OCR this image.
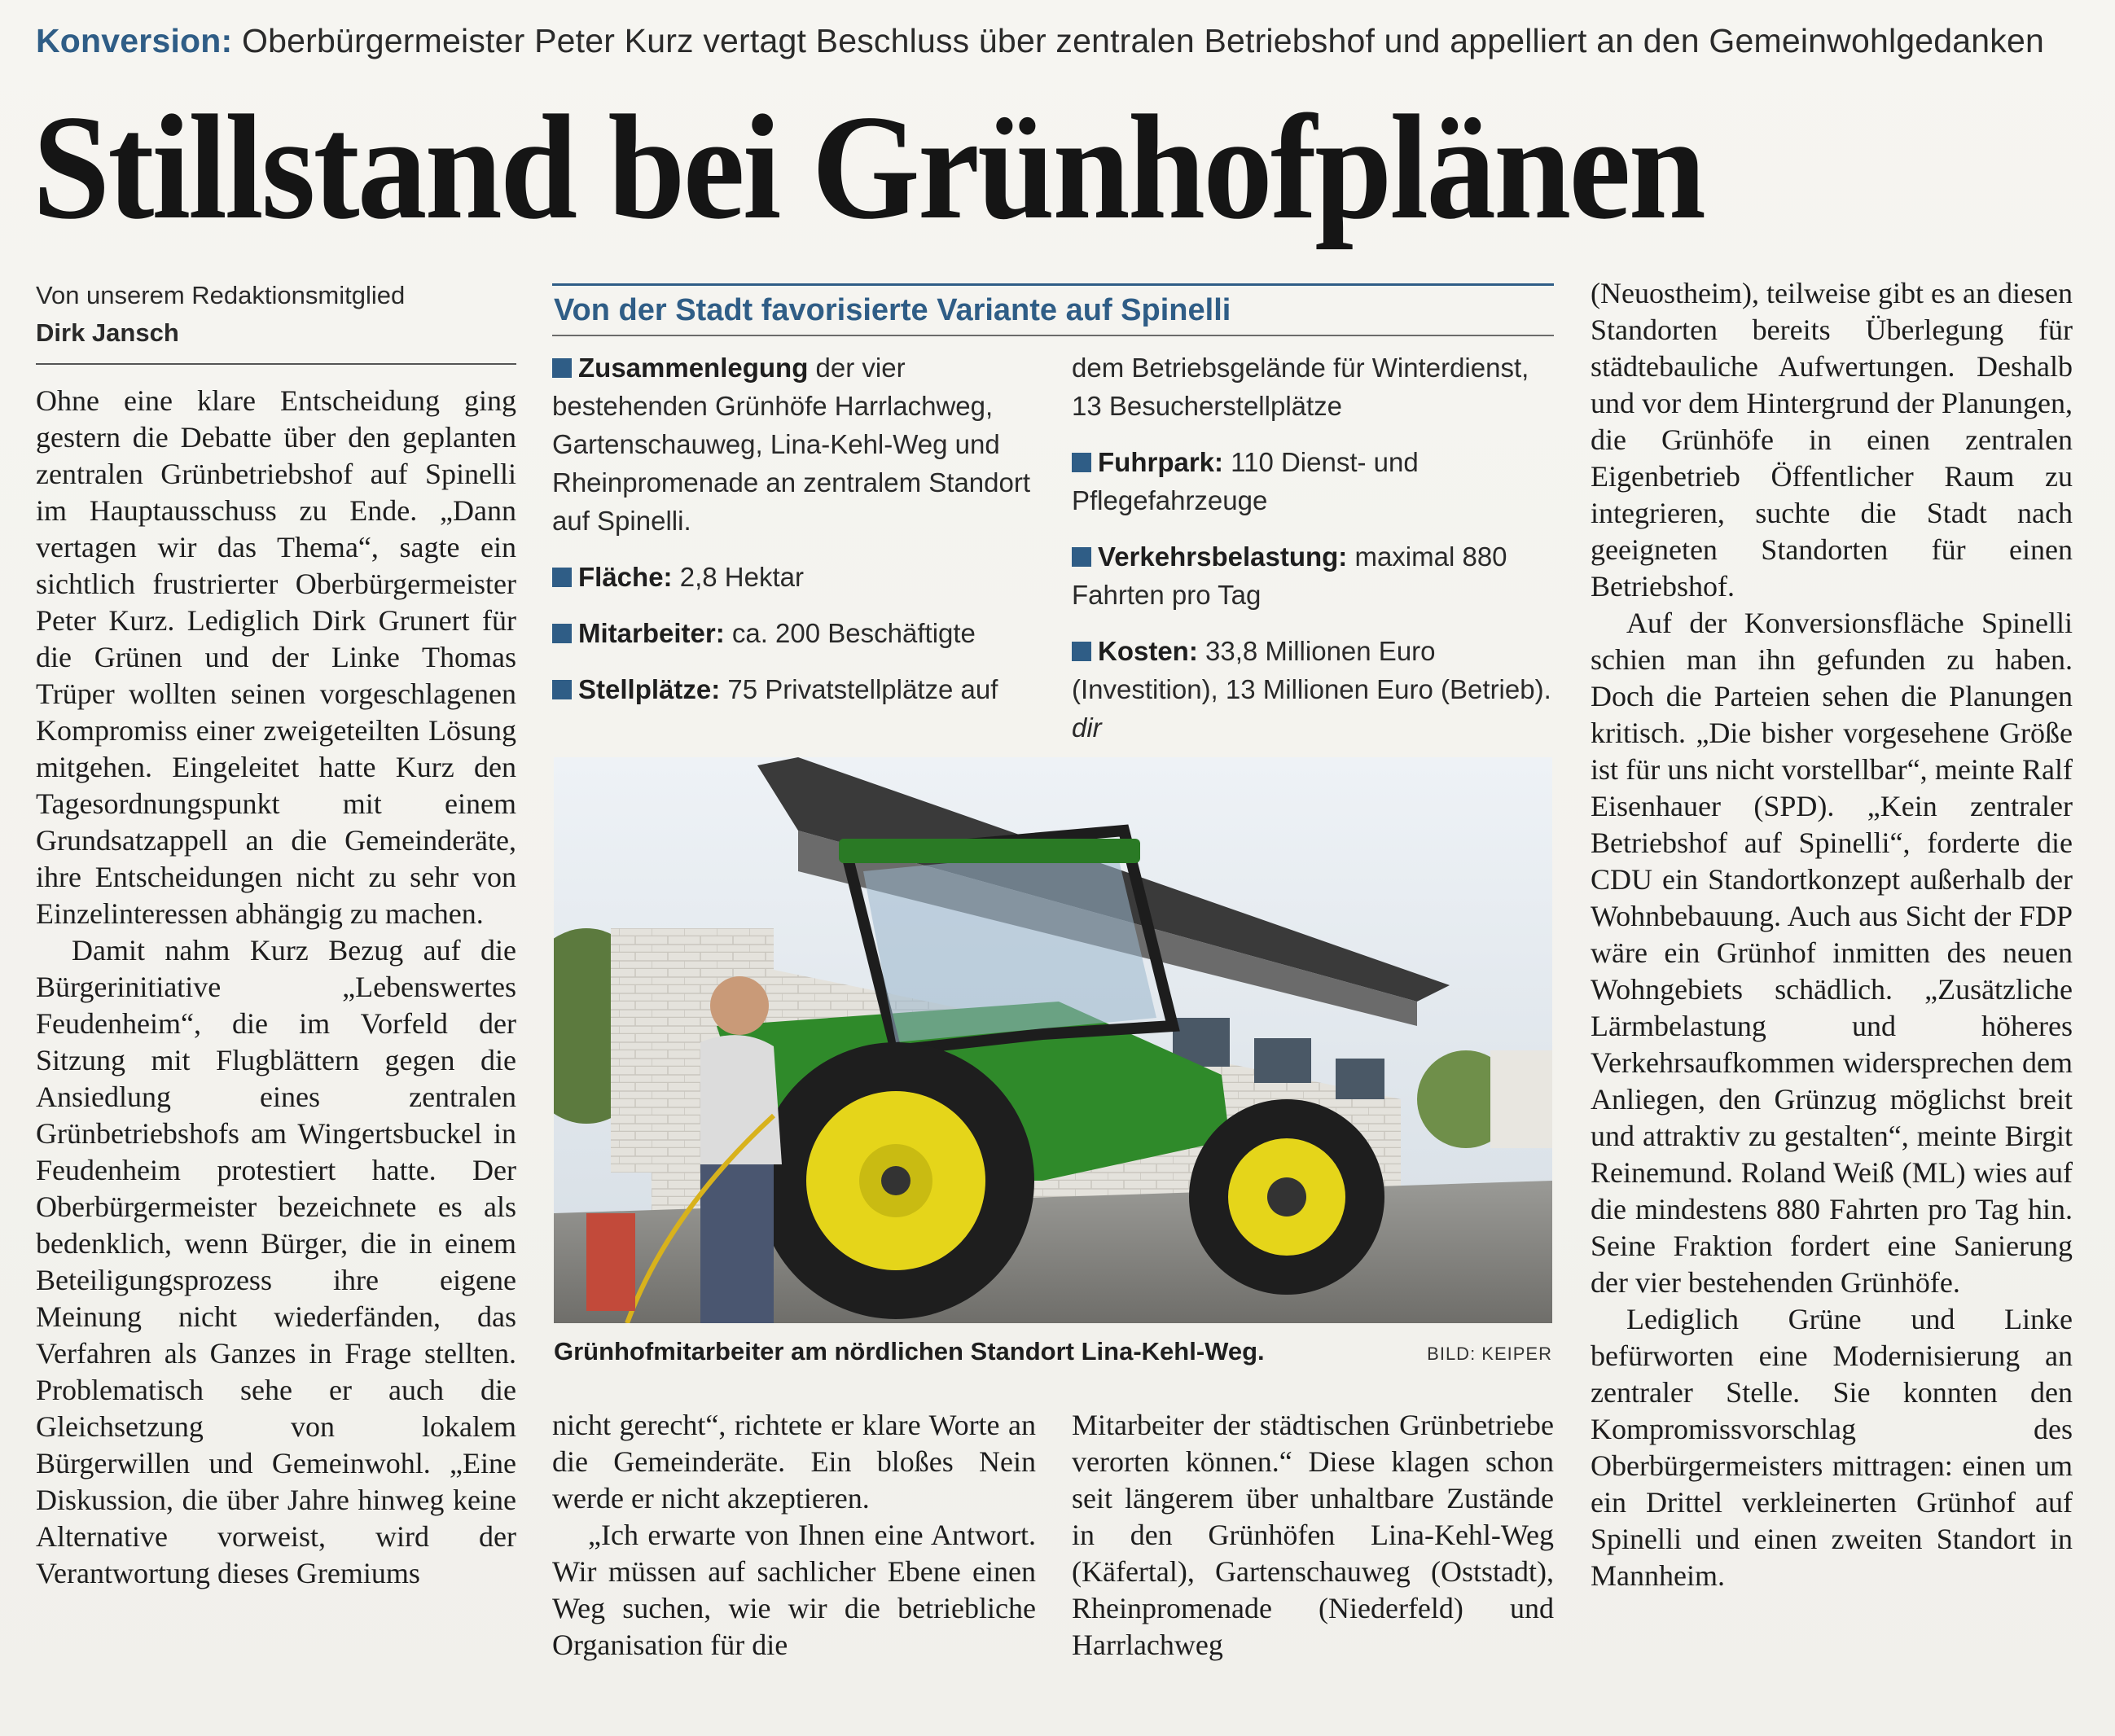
Konversion: Oberbürgermeister Peter Kurz vertagt Beschluss über zentralen Betriebshof und appelliert an den Gemeinwohlgedanken
Stillstand bei Grünhofplänen
Von unserem Redaktionsmitglied
Dirk Jansch

Ohne eine klare Entscheidung ging gestern die Debatte über den geplanten zentralen Grünbetriebshof auf Spinelli im Hauptausschuss zu Ende. „Dann vertagen wir das Thema“, sagte ein sichtlich frustrierter Oberbürgermeister Peter Kurz. Lediglich Dirk Grunert für die Grünen und der Linke Thomas Trüper wollten seinen vorgeschlagenen Kompromiss einer zweigeteilten Lösung mitgehen. Eingeleitet hatte Kurz den Tagesordnungspunkt mit einem Grundsatzappell an die Gemeinderäte, ihre Entscheidungen nicht zu sehr von Einzelinteressen abhängig zu machen.

Damit nahm Kurz Bezug auf die Bürgerinitiative „Lebenswertes Feudenheim“, die im Vorfeld der Sitzung mit Flugblättern gegen die Ansiedlung eines zentralen Grünbetriebshofs am Wingertsbuckel in Feudenheim protestiert hatte. Der Oberbürgermeister bezeichnete es als bedenklich, wenn Bürger, die in einem Beteiligungsprozess ihre eigene Meinung nicht wiederfänden, das Verfahren als Ganzes in Frage stellten. Problematisch sehe er auch die Gleichsetzung von lokalem Bürgerwillen und Gemeinwohl. „Eine Diskussion, die über Jahre hinweg keine Alternative vorweist, wird der Verantwortung dieses Gremiums

Von der Stadt favorisierte Variante auf Spinelli
Zusammenlegung der vier bestehenden Grünhöfe Harrlachweg, Gartenschauweg, Lina-Kehl-Weg und Rheinpromenade an zentralem Standort auf Spinelli.
Fläche: 2,8 Hektar
Mitarbeiter: ca. 200 Beschäftigte
Stellplätze: 75 Privatstellplätze auf
dem Betriebsgelände für Winterdienst, 13 Besucherstellplätze
Fuhrpark: 110 Dienst- und Pflegefahrzeuge
Verkehrsbelastung: maximal 880 Fahrten pro Tag
Kosten: 33,8 Millionen Euro (Investition), 13 Millionen Euro (Betrieb). dir
Grünhofmitarbeiter am nördlichen Standort Lina-Kehl-Weg.	BILD: KEIPER

nicht gerecht“, richtete er klare Worte an die Gemeinderäte. Ein bloßes Nein werde er nicht akzeptieren.

„Ich erwarte von Ihnen eine Antwort. Wir müssen auf sachlicher Ebene einen Weg suchen, wie wir die betriebliche Organisation für die

Mitarbeiter der städtischen Grünbetriebe verorten können.“ Diese klagen schon seit längerem über unhaltbare Zustände in den Grünhöfen Lina-Kehl-Weg (Käfertal), Gartenschauweg (Oststadt), Rheinpromenade (Niederfeld) und Harrlachweg

(Neuostheim), teilweise gibt es an diesen Standorten bereits Überlegung für städtebauliche Aufwertungen. Deshalb und vor dem Hintergrund der Planungen, die Grünhöfe in einen zentralen Eigenbetrieb Öffentlicher Raum zu integrieren, suchte die Stadt nach geeigneten Standorten für einen Betriebshof.

Auf der Konversionsfläche Spinelli schien man ihn gefunden zu haben. Doch die Parteien sehen die Planungen kritisch. „Die bisher vorgesehene Größe ist für uns nicht vorstellbar“, meinte Ralf Eisenhauer (SPD). „Kein zentraler Betriebshof auf Spinelli“, forderte die CDU ein Standortkonzept außerhalb der Wohnbebauung. Auch aus Sicht der FDP wäre ein Grünhof inmitten des neuen Wohngebiets schädlich. „Zusätzliche Lärmbelastung und höheres Verkehrsaufkommen widersprechen dem Anliegen, den Grünzug möglichst breit und attraktiv zu gestalten“, meinte Birgit Reinemund. Roland Weiß (ML) wies auf die mindestens 880 Fahrten pro Tag hin. Seine Fraktion fordert eine Sanierung der vier bestehenden Grünhöfe.

Lediglich Grüne und Linke befürworten eine Modernisierung an zentraler Stelle. Sie konnten den Kompromissvorschlag des Oberbürgermeisters mittragen: einen um ein Drittel verkleinerten Grünhof auf Spinelli und einen zweiten Standort in Mannheim.
